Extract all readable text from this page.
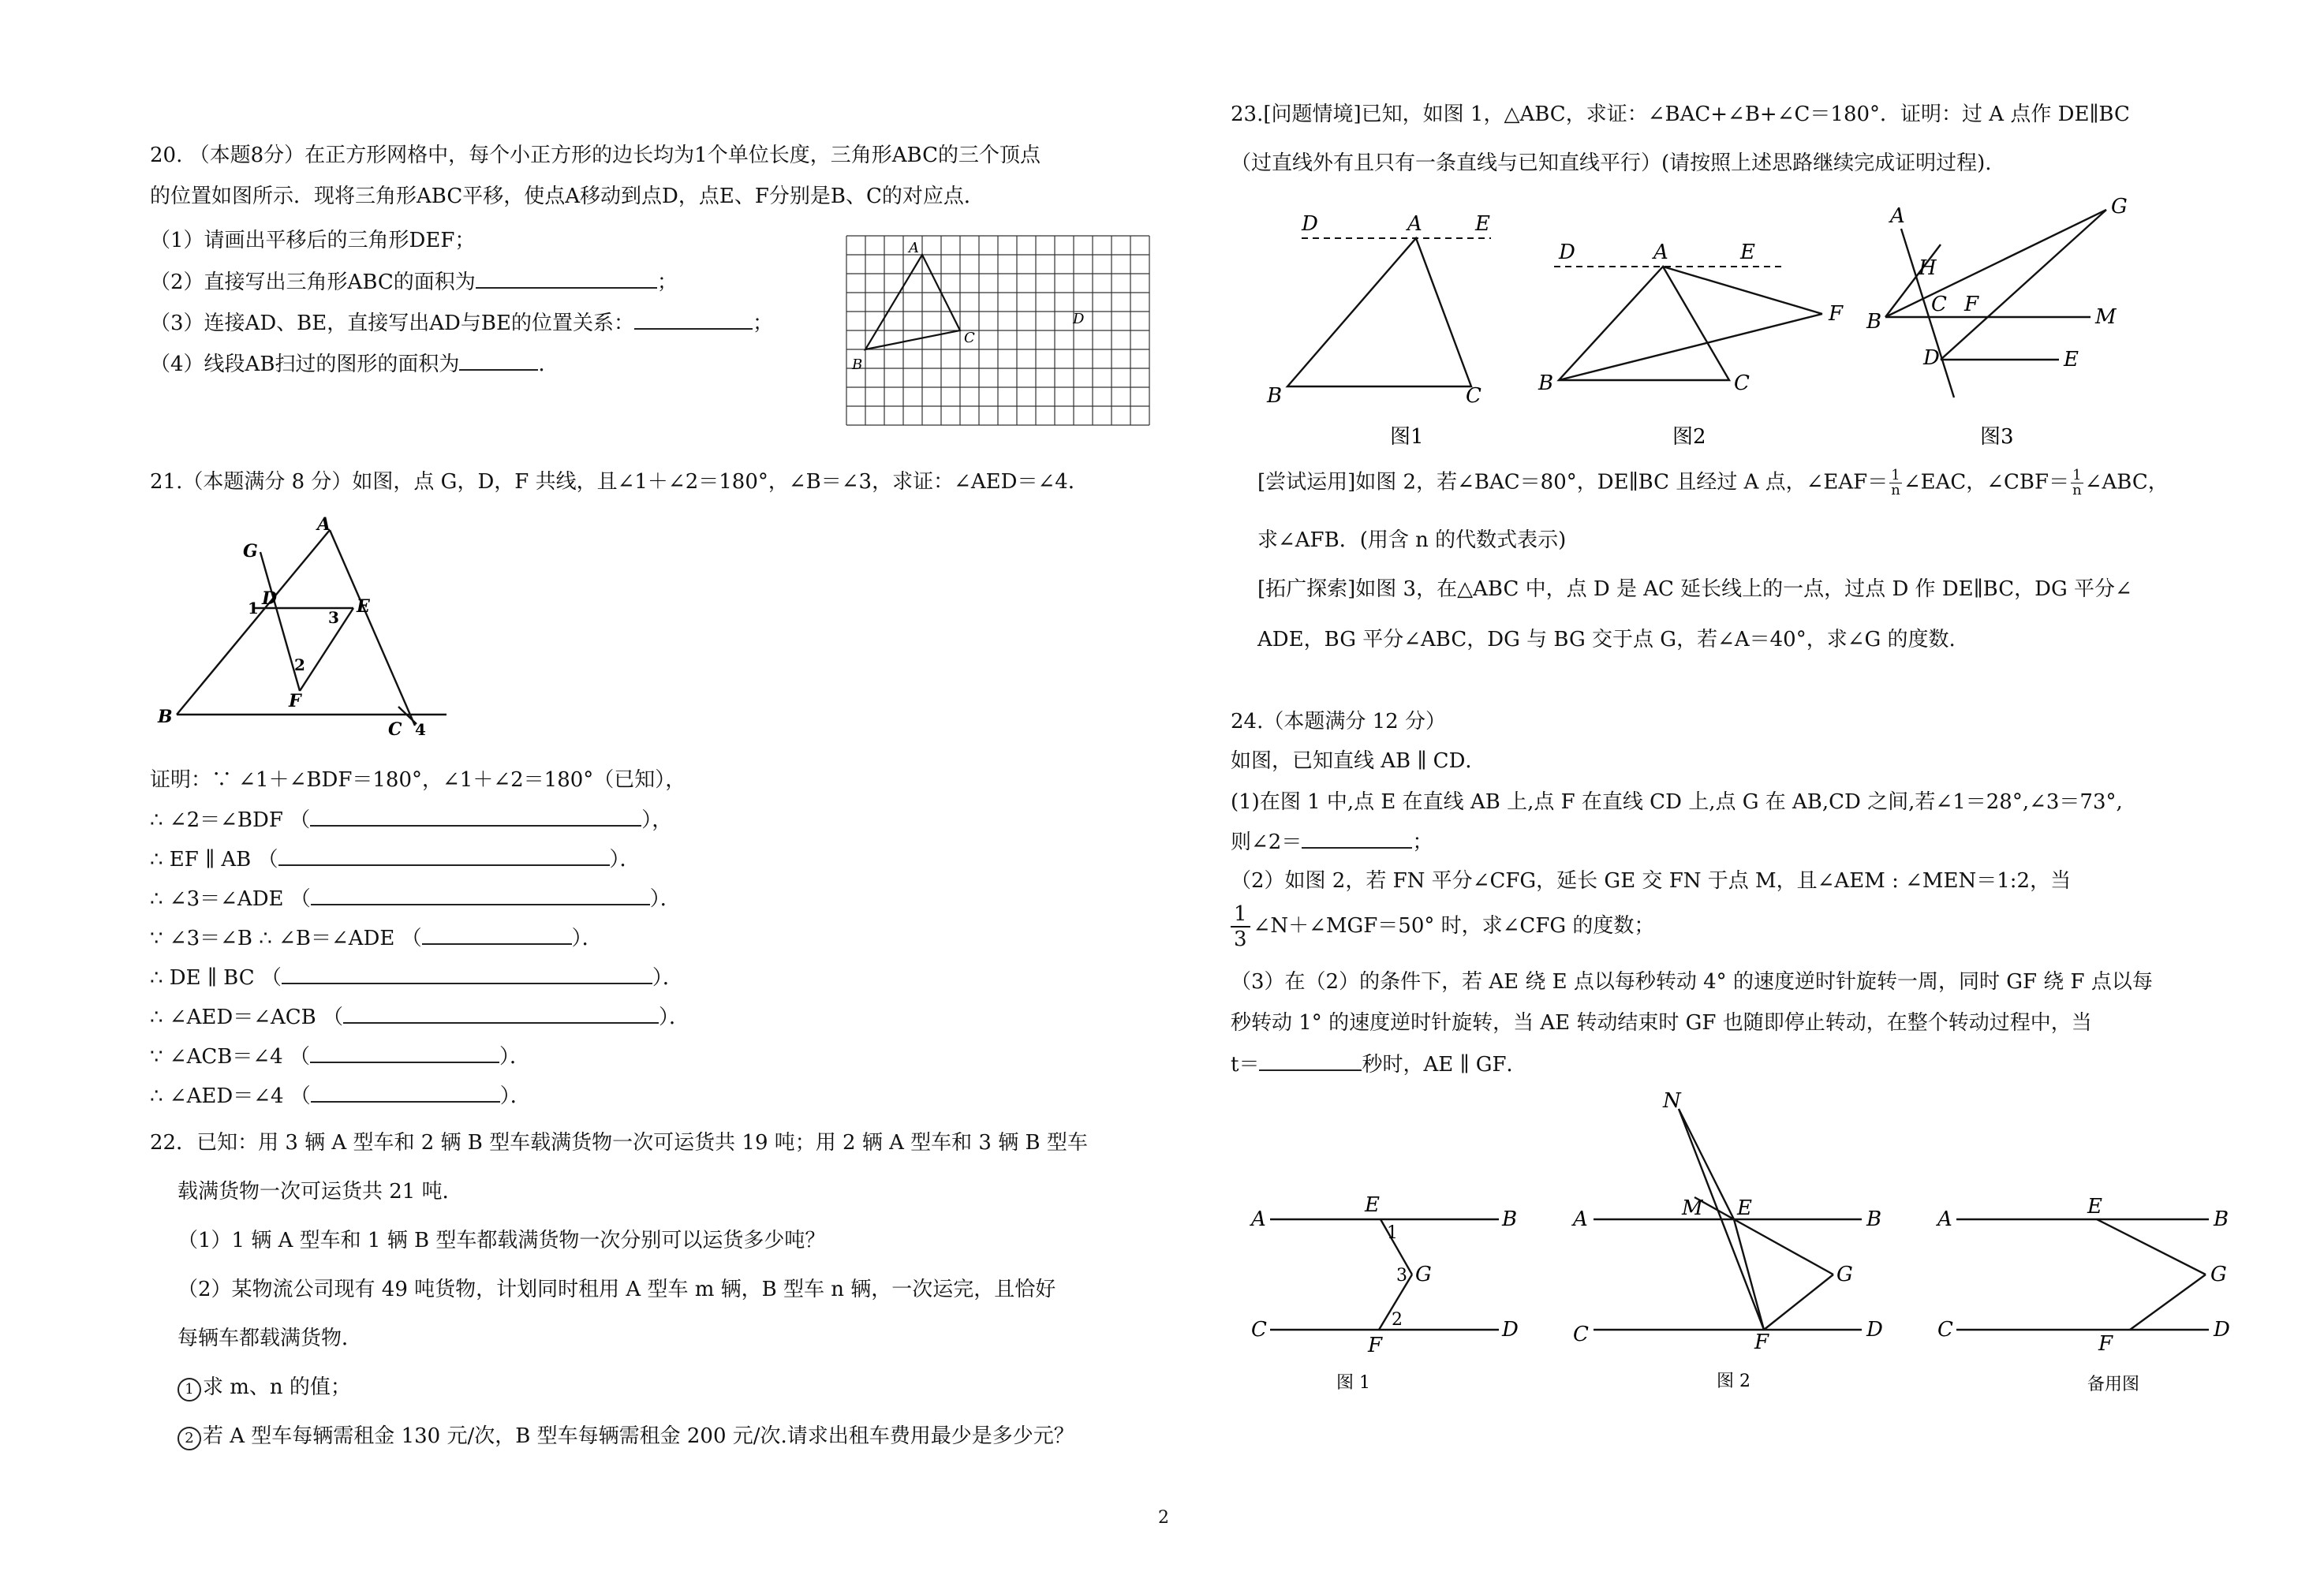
20. （本题8分）在正方形网格中，每个小正方形的边长均为1个单位长度，三角形ABC的三个顶点
的位置如图所示．现将三角形ABC平移，使点A移动到点D，点E、F分别是B、C的对应点．
（1）请画出平移后的三角形DEF；
（2）直接写出三角形ABC的面积为	；
（3）连接AD、BE，直接写出AD与BE的位置关系：	；
（4）线段AB扫过的图形的面积为	．
A
B
C
D
21.（本题满分 8 分）如图，点 G，D，F 共线，且∠1＋∠2＝180°，∠B＝∠3，求证：∠AED＝∠4．
A
G
D	E
B
C
F
1
2
3
4
证明：∵ ∠1＋∠BDF＝180°，∠1＋∠2＝180°（已知），
∴ ∠2＝∠BDF （	），
∴ EF ∥ AB （	）．
∴ ∠3＝∠ADE （	）．
∵ ∠3＝∠B ∴ ∠B＝∠ADE （	）．
∴ DE ∥ BC （	）．
∴ ∠AED＝∠ACB （	）．
∵ ∠ACB＝∠4 （	）．
∴ ∠AED＝∠4 （	）．
22．已知：用 3 辆 A 型车和 2 辆 B 型车载满货物一次可运货共 19 吨；用 2 辆 A 型车和 3 辆 B 型车
载满货物一次可运货共 21 吨．
（1）1 辆 A 型车和 1 辆 B 型车都载满货物一次分别可以运货多少吨？
（2）某物流公司现有 49 吨货物，计划同时租用 A 型车 m 辆，B 型车 n 辆，一次运完，且恰好
每辆车都载满货物．
1 求 m、n 的值；
2 若 A 型车每辆需租金 130 元/次，B 型车每辆需租金 200 元/次.请求出租车费用最少是多少元？
23.[问题情境]已知，如图 1，△ABC，求证：∠BAC+∠B+∠C＝180°．证明：过 A 点作 DE∥BC
（过直线外有且只有一条直线与已知直线平行）(请按照上述思路继续完成证明过程).
D	A	E
B	C
图1
D	A	E
F
B	C
图2
A	G
H
C F
B	M
D	E
图3
[尝试运用]如图 2，若∠BAC＝80°，DE∥BC 且经过 A 点，∠EAF＝ $\frac{1}{n}$ ∠EAC，∠CBF＝ $\frac{1}{n}$ ∠ABC，
求∠AFB．(用含 n 的代数式表示)
[拓广探索]如图 3，在△ABC 中，点 D 是 AC 延长线上的一点，过点 D 作 DE∥BC，DG 平分∠
ADE，BG 平分∠ABC，DG 与 BG 交于点 G，若∠A＝40°，求∠G 的度数.
24.（本题满分 12 分）
如图，已知直线 AB ∥ CD．
(1)在图 1 中,点 E 在直线 AB 上,点 F 在直线 CD 上,点 G 在 AB,CD 之间,若∠1＝28°,∠3＝73°,
则∠2＝	；
（2）如图 2，若 FN 平分∠CFG，延长 GE 交 FN 于点 M，且∠AEM : ∠MEN＝1:2，当
$\frac{1}{3}$ ∠N＋∠MGF＝50° 时，求∠CFG 的度数；
（3）在（2）的条件下，若 AE 绕 E 点以每秒转动 4° 的速度逆时针旋转一周，同时 GF 绕 F 点以每
秒转动 1° 的速度逆时针旋转，当 AE 转动结束时 GF 也随即停止转动，在整个转动过程中，当
t＝	秒时，AE ∥ GF．
A	B
C	D
E
F
G
1
2
3
图 1
N
M E
A	B
G
C	D
F
图 2
A	B
C	D
E
G
F
备用图
2
